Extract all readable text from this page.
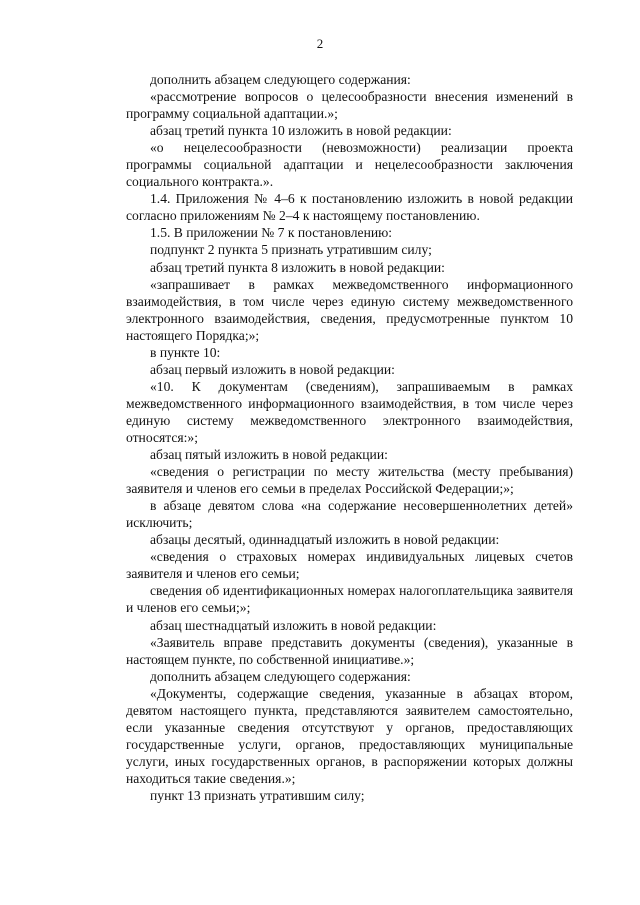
2

дополнить абзацем следующего содержания:

«рассмотрение вопросов о целесообразности внесения изменений в программу социальной адаптации.»;

абзац третий пункта 10 изложить в новой редакции:

«о нецелесообразности (невозможности) реализации проекта программы социальной адаптации и нецелесообразности заключения социального контракта.».

1.4. Приложения № 4–6 к постановлению изложить в новой редакции согласно приложениям № 2–4 к настоящему постановлению.

1.5. В приложении № 7 к постановлению:

подпункт 2 пункта 5 признать утратившим силу;

абзац третий пункта 8 изложить в новой редакции:

«запрашивает в рамках межведомственного информационного взаимодействия, в том числе через единую систему межведомственного электронного взаимодействия, сведения, предусмотренные пунктом 10 настоящего Порядка;»;

в пункте 10:

абзац первый изложить в новой редакции:

«10. К документам (сведениям), запрашиваемым в рамках межведомственного информационного взаимодействия, в том числе через единую систему межведомственного электронного взаимодействия, относятся:»;

абзац пятый изложить в новой редакции:

«сведения о регистрации по месту жительства (месту пребывания) заявителя и членов его семьи в пределах Российской Федерации;»;

в абзаце девятом слова «на содержание несовершеннолетних детей» исключить;

абзацы десятый, одиннадцатый изложить в новой редакции:

«сведения о страховых номерах индивидуальных лицевых счетов заявителя и членов его семьи;

сведения об идентификационных номерах налогоплательщика заявителя и членов его семьи;»;

абзац шестнадцатый изложить в новой редакции:

«Заявитель вправе представить документы (сведения), указанные в настоящем пункте, по собственной инициативе.»;

дополнить абзацем следующего содержания:

«Документы, содержащие сведения, указанные в абзацах втором, девятом настоящего пункта, представляются заявителем самостоятельно, если указанные сведения отсутствуют у органов, предоставляющих государственные услуги, органов, предоставляющих муниципальные услуги, иных государственных органов, в распоряжении которых должны находиться такие сведения.»;

пункт 13 признать утратившим силу;
